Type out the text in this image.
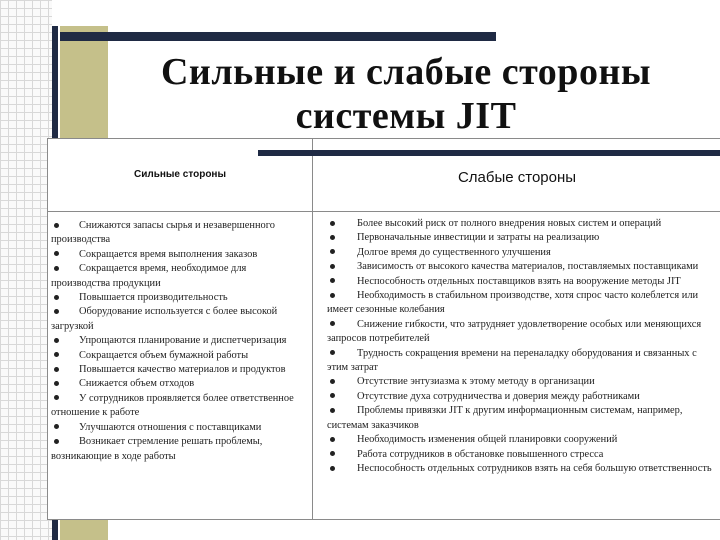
Сильные и слабые стороны
системы JIT
Сильные стороны	Слабые стороны
Снижаются запасы сырья и незавершенного производства
Сокращается время выполнения заказов
Сокращается время, необходимое для производства продукции
Повышается производительность
Оборудование используется с более высокой загрузкой
Упрощаются планирование и диспетчеризация
Сокращается объем бумажной работы
Повышается качество материалов и продуктов
Снижается объем отходов
У сотрудников проявляется более ответственное отношение к работе
Улучшаются отношения с поставщиками
Возникает стремление решать проблемы, возникающие в ходе работы
Более высокий риск от полного внедрения новых систем и операций
Первоначальные инвестиции и затраты на реализацию
Долгое время до существенного улучшения
Зависимость от высокого качества материалов, поставляемых поставщиками
Неспособность отдельных поставщиков взять на вооружение методы JIT
Необходимость в стабильном производстве, хотя спрос часто колеблется или имеет сезонные колебания
Снижение гибкости, что затрудняет удовлетворение особых или меняющихся запросов потребителей
Трудность сокращения времени на переналадку оборудования и связанных с этим затрат
Отсутствие энтузиазма к этому методу в организации
Отсутствие духа сотрудничества и доверия между работниками
Проблемы привязки JIT к другим информационным системам, например, системам заказчиков
Необходимость изменения общей планировки сооружений
Работа сотрудников в обстановке повышенного стресса
Неспособность отдельных сотрудников взять на себя большую ответственность
